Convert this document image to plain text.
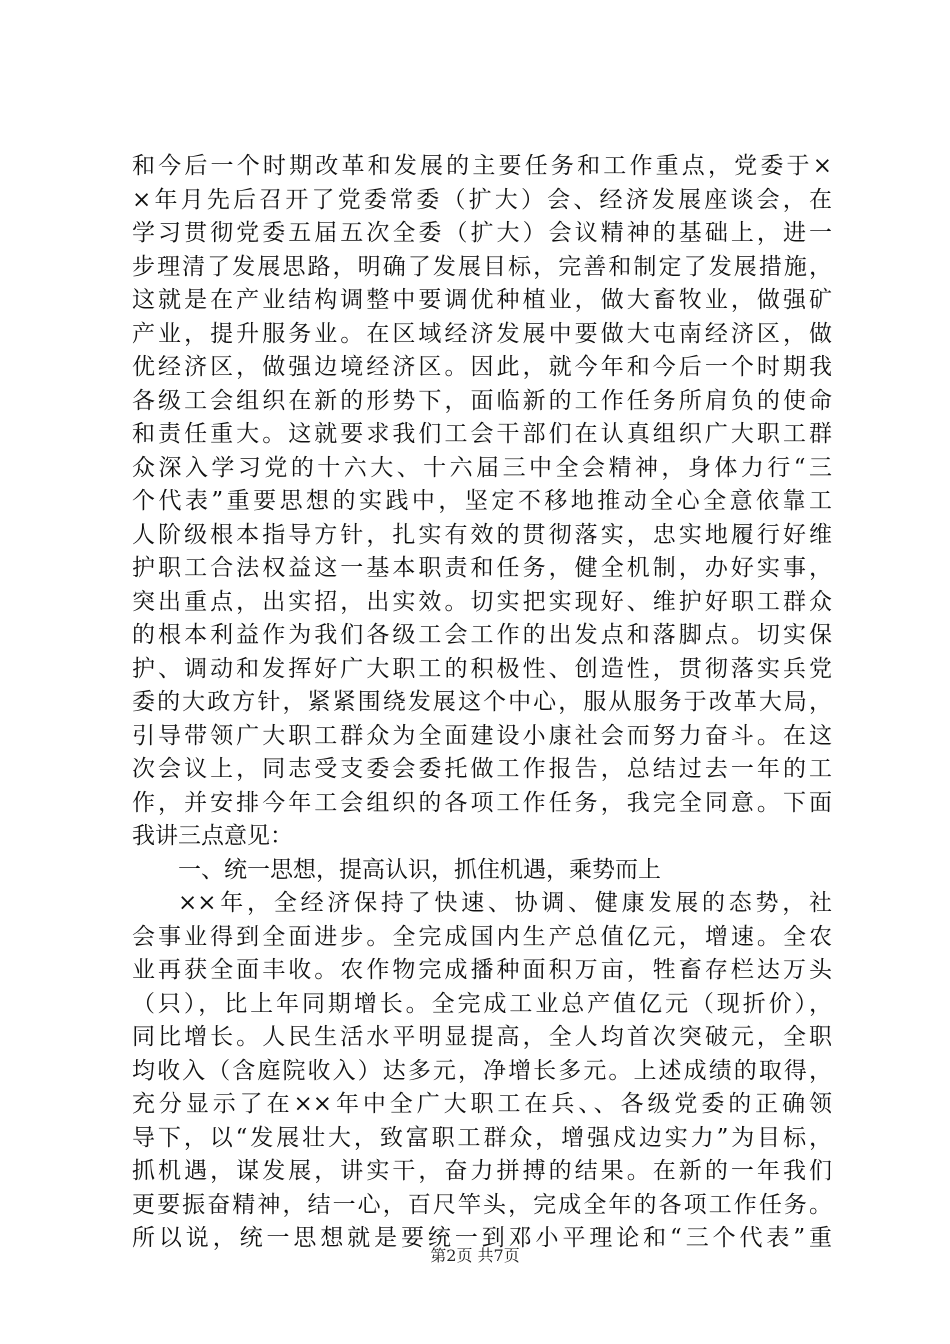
和今后一个时期改革和发展的主要任务和工作重点，党委于×
×年月先后召开了党委常委（扩大）会、经济发展座谈会，在
学习贯彻党委五届五次全委（扩大）会议精神的基础上，进一
步理清了发展思路，明确了发展目标，完善和制定了发展措施，
这就是在产业结构调整中要调优种植业，做大畜牧业，做强矿
产业，提升服务业。在区域经济发展中要做大屯南经济区，做
优经济区，做强边境经济区。因此，就今年和今后一个时期我
各级工会组织在新的形势下，面临新的工作任务所肩负的使命
和责任重大。这就要求我们工会干部们在认真组织广大职工群
众深入学习党的十六大、十六届三中全会精神，身体力行“三
个代表”重要思想的实践中，坚定不移地推动全心全意依靠工
人阶级根本指导方针，扎实有效的贯彻落实，忠实地履行好维
护职工合法权益这一基本职责和任务，健全机制，办好实事，
突出重点，出实招，出实效。切实把实现好、维护好职工群众
的根本利益作为我们各级工会工作的出发点和落脚点。切实保
护、调动和发挥好广大职工的积极性、创造性，贯彻落实兵党
委的大政方针，紧紧围绕发展这个中心，服从服务于改革大局，
引导带领广大职工群众为全面建设小康社会而努力奋斗。在这
次会议上，同志受支委会委托做工作报告，总结过去一年的工
作，并安排今年工会组织的各项工作任务，我完全同意。下面
我讲三点意见：
一、统一思想，提高认识，抓住机遇，乘势而上
××年，全经济保持了快速、协调、健康发展的态势，社
会事业得到全面进步。全完成国内生产总值亿元，增速。全农
业再获全面丰收。农作物完成播种面积万亩，牲畜存栏达万头
（只），比上年同期增长。全完成工业总产值亿元（现折价），
同比增长。人民生活水平明显提高，全人均首次突破元，全职
均收入（含庭院收入）达多元，净增长多元。上述成绩的取得，
充分显示了在××年中全广大职工在兵、、各级党委的正确领
导下，以“发展壮大，致富职工群众，增强戍边实力”为目标，
抓机遇，谋发展，讲实干，奋力拼搏的结果。在新的一年我们
更要振奋精神，结一心，百尺竿头，完成全年的各项工作任务。
所以说，统一思想就是要统一到邓小平理论和“三个代表”重
第2页 共7页
